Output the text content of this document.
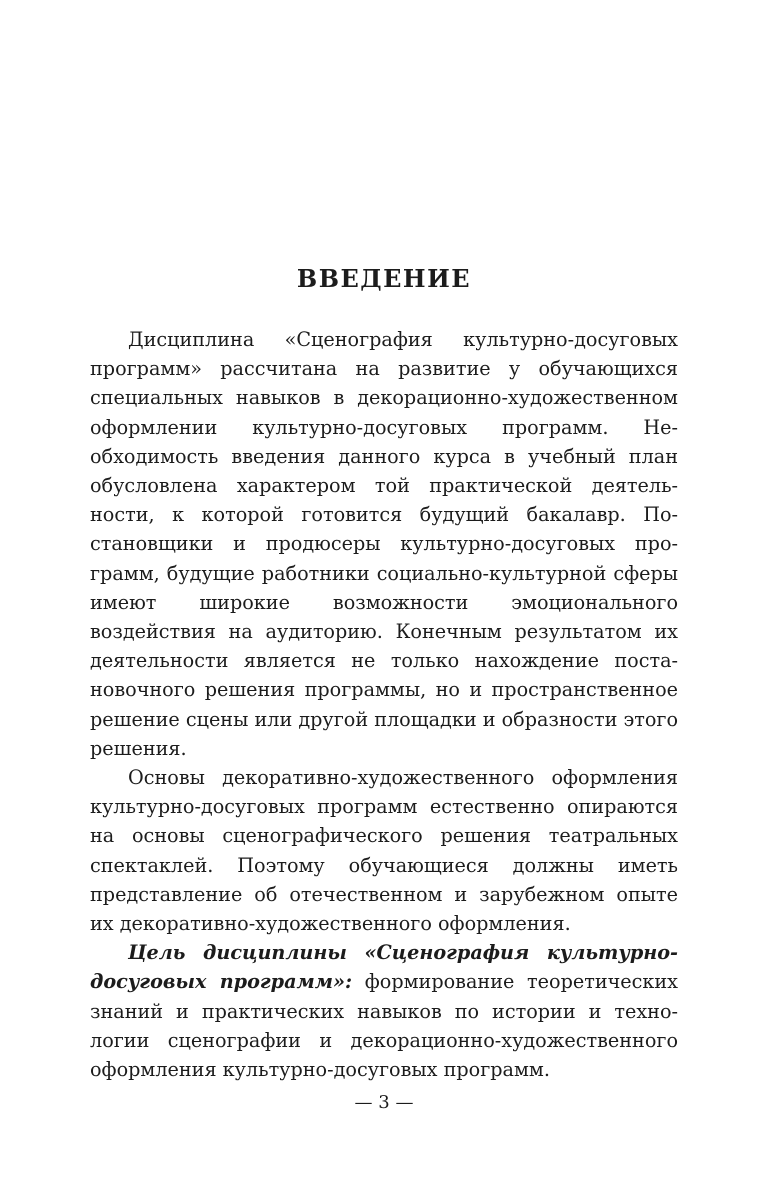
ВВЕДЕНИЕ

Дисциплина «Сценография культурно-досуговых программ» рассчитана на развитие у обучающихся специальных навыков в декорационно-художественном оформлении культурно-досуговых программ. Необходимость введения данного курса в учебный план обусловлена характером той практической деятельности, к которой готовится будущий бакалавр. Постановщики и продюсеры культурно-досуговых программ, будущие работники социально-культурной сферы имеют широкие возможности эмоционального воздействия на аудиторию. Конечным результатом их деятельности является не только нахождение постановочного решения программы, но и пространственное решение сцены или другой площадки и образности этого решения.

Основы декоративно-художественного оформления культурно-досуговых программ естественно опираются на основы сценографического решения театральных спектаклей. Поэтому обучающиеся должны иметь представление об отечественном и зарубежном опыте их декоративно-художественного оформления.

Цель дисциплины «Сценография культурно-досуговых программ»: формирование теоретических знаний и практических навыков по истории и технологии сценографии и декорационно-художественного оформления культурно-досуговых программ.

— 3 —
